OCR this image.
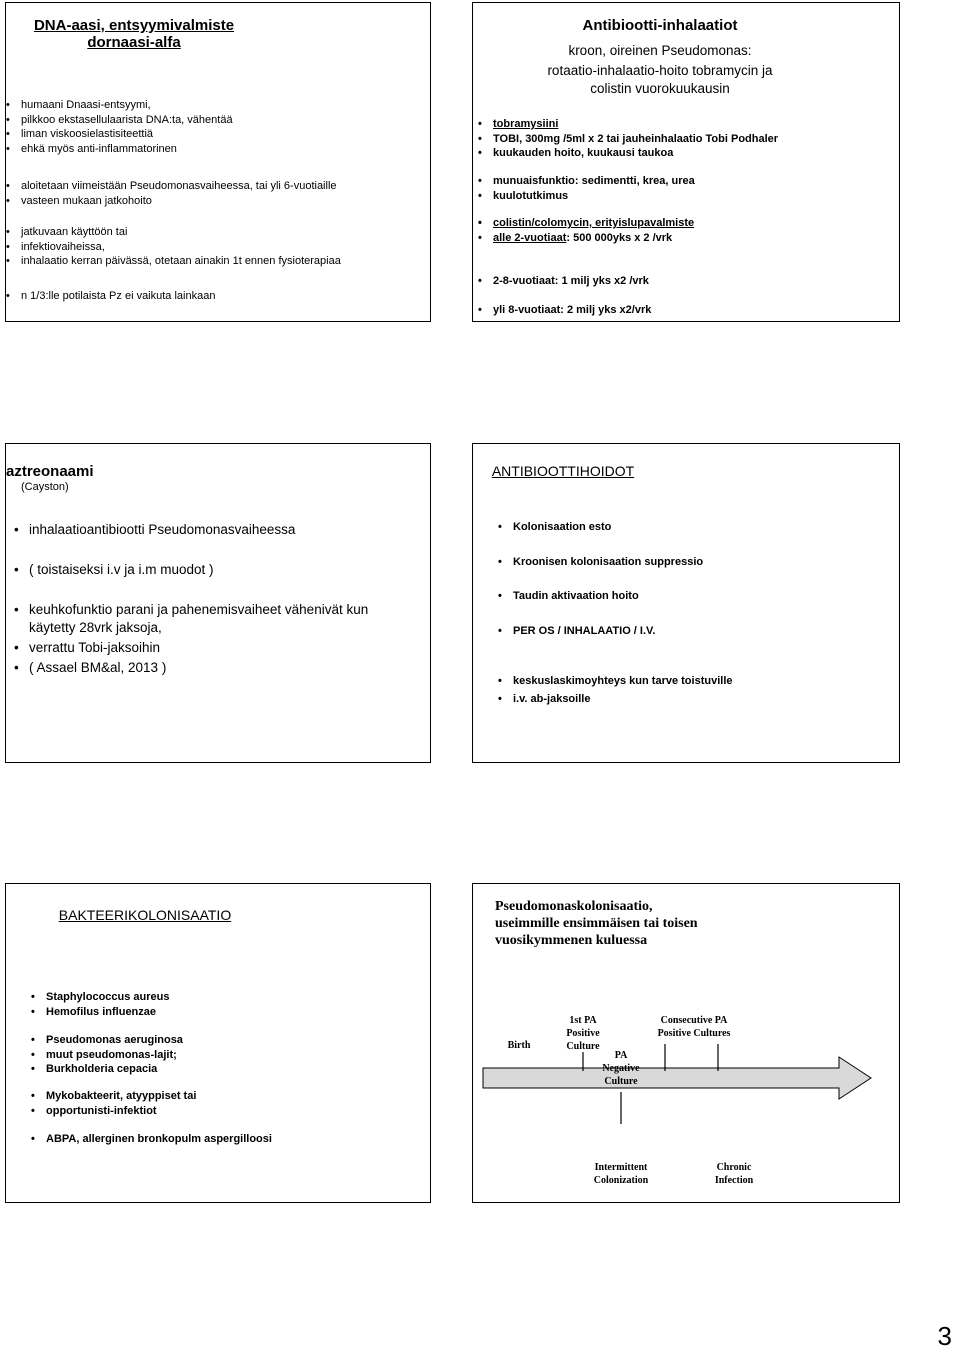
DNA-aasi, entsyymivalmiste
dornaasi-alfa
• humaani Dnaasi-entsyymi,
• pilkkoo ekstasellulaarista DNA:ta, vähentää
• liman viskoosielastisiteettiä
• ehkä myös anti-inflammatorinen
• aloitetaan viimeistään Pseudomonasvaiheessa, tai yli 6-vuotiaille
• vasteen mukaan jatkohoito
• jatkuvaan käyttöön tai
• infektiovaiheissa,
• inhalaatio kerran päivässä, otetaan ainakin 1t ennen fysioterapiaa
• n 1/3:lle potilaista Pz ei vaikuta lainkaan
Antibiootti-inhalaatiot
kroon, oireinen Pseudomonas:
rotaatio-inhalaatio-hoito tobramycin ja
colistin vuorokuukausin
• tobramysiini
• TOBI, 300mg /5ml x 2 tai jauheinhalaatio Tobi Podhaler
• kuukauden hoito, kuukausi taukoa
• munuaisfunktio: sedimentti, krea, urea
• kuulotutkimus
• colistin/colomycin, erityislupavalmiste
• alle 2-vuotiaat: 500 000yks x 2 /vrk
• 2-8-vuotiaat: 1 milj yks x2 /vrk
• yli 8-vuotiaat: 2 milj yks x2/vrk
aztreonaami
(Cayston)
• inhalaatioantibiootti Pseudomonasvaiheessa
• ( toistaiseksi i.v ja i.m muodot )
• keuhkofunktio parani ja pahenemisvaiheet vähenivät kun
käytetty 28vrk jaksoja,
• verrattu Tobi-jaksoihin
• ( Assael BM&al, 2013 )
ANTIBIOOTTIHOIDOT
• Kolonisaation esto
• Kroonisen kolonisaation suppressio
• Taudin aktivaation hoito
• PER OS / INHALAATIO / I.V.
• keskuslaskimoyhteys kun tarve toistuville
• i.v. ab-jaksoille
BAKTEERIKOLONISAATIO
• Staphylococcus aureus
• Hemofilus influenzae
• Pseudomonas aeruginosa
• muut pseudomonas-lajit;
• Burkholderia cepacia
• Mykobakteerit, atyyppiset tai
• opportunisti-infektiot
• ABPA, allerginen bronkopulm aspergilloosi
Pseudomonaskolonisaatio,
useimmille ensimmäisen tai toisen
vuosikymmenen kuluessa
Birth
1st PA
Positive
Culture
PA
Negative
Culture
Consecutive PA
Positive Cultures
Intermittent
Colonization
Chronic
Infection
3
